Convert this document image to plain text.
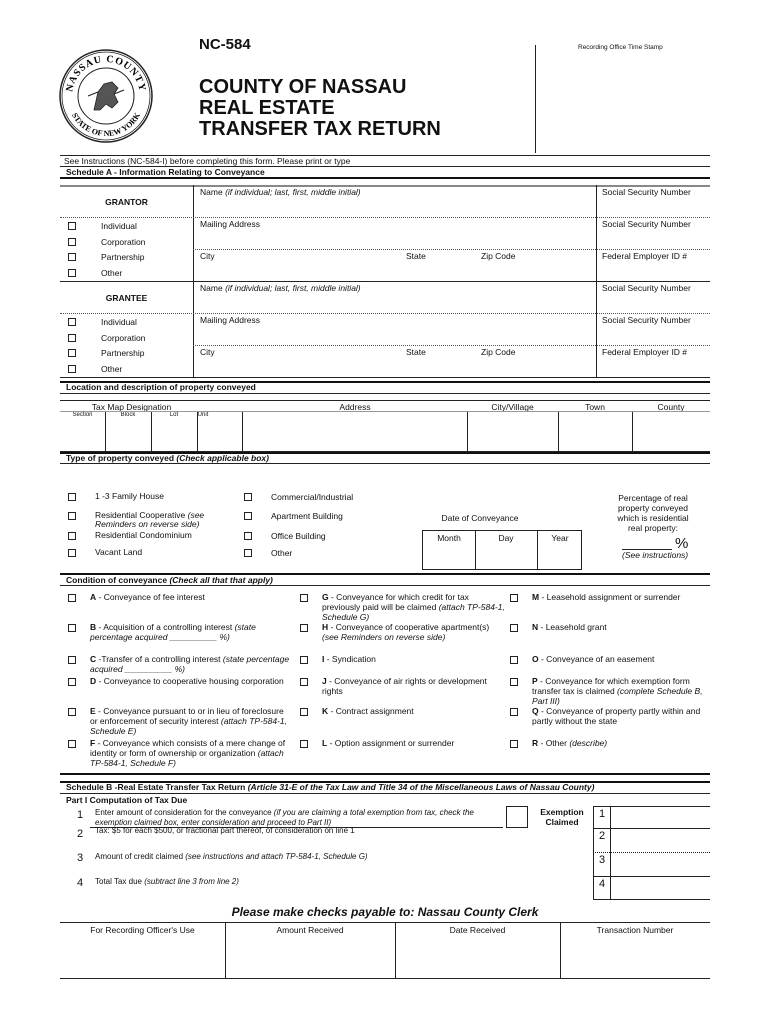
NASSAU COUNTY
STATE OF NEW YORK
NC-584
COUNTY OF NASSAU
REAL ESTATE
TRANSFER TAX RETURN
Recording Office Time Stamp
See Instructions (NC-584-I) before completing this form. Please print or type
Schedule A - Information Relating to Conveyance
GRANTOR
Name (if individual; last, first, middle initial)
Mailing Address
City	State	Zip Code
Social Security Number
Social Security Number
Federal Employer ID #
Individual
Corporation
Partnership
Other
GRANTEE
Name (if individual; last, first, middle initial)
Mailing Address
City	State	Zip Code
Social Security Number
Social Security Number
Federal Employer ID #
Individual
Corporation
Partnership
Other
Location and description of property conveyed
Tax Map Designation	Address	City/Village	Town	County
Section	Block	Lot	Unit
Type of property conveyed (Check applicable box)
1 -3 Family House
Residential Cooperative (see Reminders on reverse side)
Residential Condominium
Vacant Land
Commercial/Industrial
Apartment Building
Office Building
Other
Date of Conveyance
Month	Day	Year
Percentage of real property conveyed which is residential real property:
%
(See instructions)
Condition of conveyance (Check all that that apply)
A - Conveyance of fee interest
B - Acquisition of a controlling interest (state percentage acquired __________ %)
C -Transfer of a controlling interest (state percentage acquired __________ %)
D - Conveyance to cooperative housing corporation
E - Conveyance pursuant to or in lieu of foreclosure or enforcement of security interest (attach TP-584-1, Schedule E)
F - Conveyance which consists of a mere change of identity or form of ownership or organization (attach TP-584-1, Schedule F)
G - Conveyance for which credit for tax previously paid will be claimed (attach TP-584-1, Schedule G)
H - Conveyance of cooperative apartment(s) (see Reminders on reverse side)
I - Syndication
J - Conveyance of air rights or development rights
K - Contract assignment
L - Option assignment or surrender
M - Leasehold assignment or surrender
N - Leasehold grant
O - Conveyance of an easement
P - Conveyance for which exemption form transfer tax is claimed (complete Schedule B, Part III)
Q - Conveyance of property partly within and partly without the state
R - Other (describe)
Schedule B -Real Estate Transfer Tax Return (Article 31-E of the Tax Law and Title 34 of the Miscellaneous Laws of Nassau County)
Part I Computation of Tax Due
1 Enter amount of consideration for the conveyance (if you are claiming a total exemption from tax, check the exemption claimed box, enter consideration and proceed to Part II)
Exemption Claimed
2 Tax: $5 for each $500, or fractional part thereof, of consideration on line 1
3 Amount of credit claimed (see instructions and attach TP-584-1, Schedule G)
4 Total Tax due (subtract line 3 from line 2)
1
2
3
4
Please make checks payable to: Nassau County Clerk
For Recording Officer's Use	Amount Received	Date Received	Transaction Number
